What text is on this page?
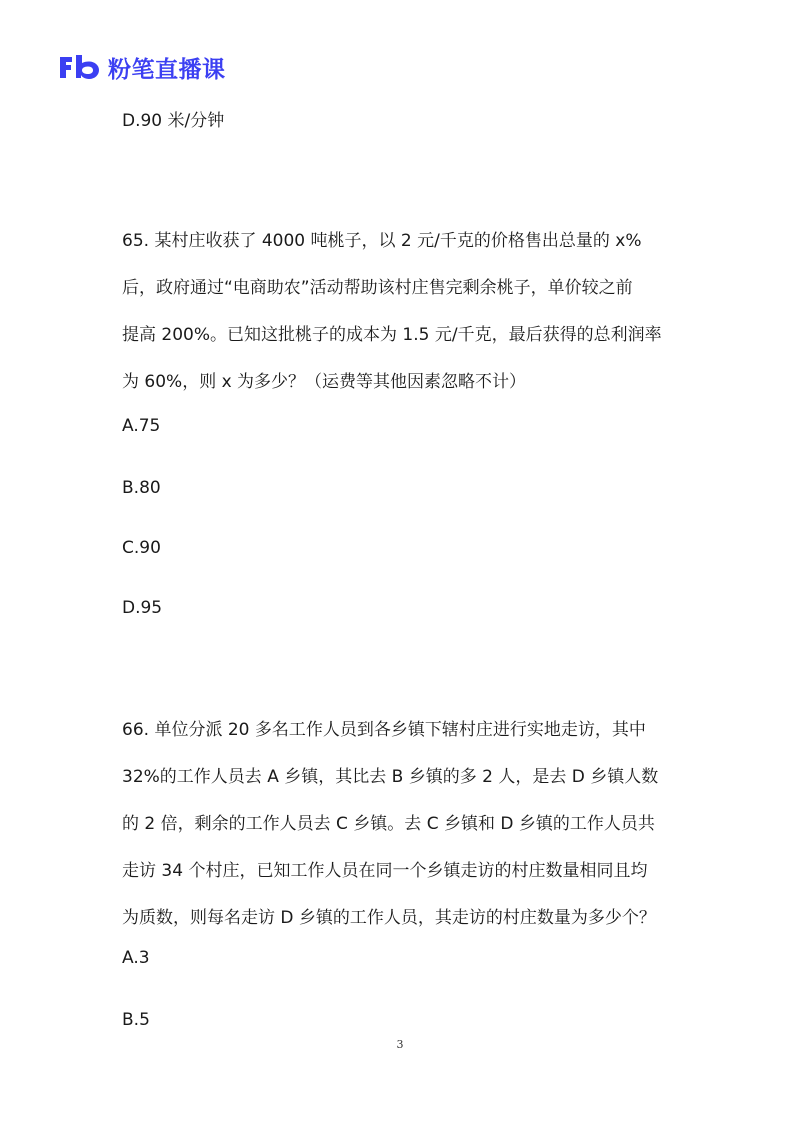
粉笔直播课
D.90 米/分钟
65. 某村庄收获了 4000 吨桃子，以 2 元/千克的价格售出总量的 x%
后，政府通过“电商助农”活动帮助该村庄售完剩余桃子，单价较之前
提高 200%。已知这批桃子的成本为 1.5 元/千克，最后获得的总利润率
为 60%，则 x 为多少？（运费等其他因素忽略不计）
A.75
B.80
C.90
D.95
66. 单位分派 20 多名工作人员到各乡镇下辖村庄进行实地走访，其中
32%的工作人员去 A 乡镇，其比去 B 乡镇的多 2 人，是去 D 乡镇人数
的 2 倍，剩余的工作人员去 C 乡镇。去 C 乡镇和 D 乡镇的工作人员共
走访 34 个村庄，已知工作人员在同一个乡镇走访的村庄数量相同且均
为质数，则每名走访 D 乡镇的工作人员，其走访的村庄数量为多少个？
A.3
B.5
3
